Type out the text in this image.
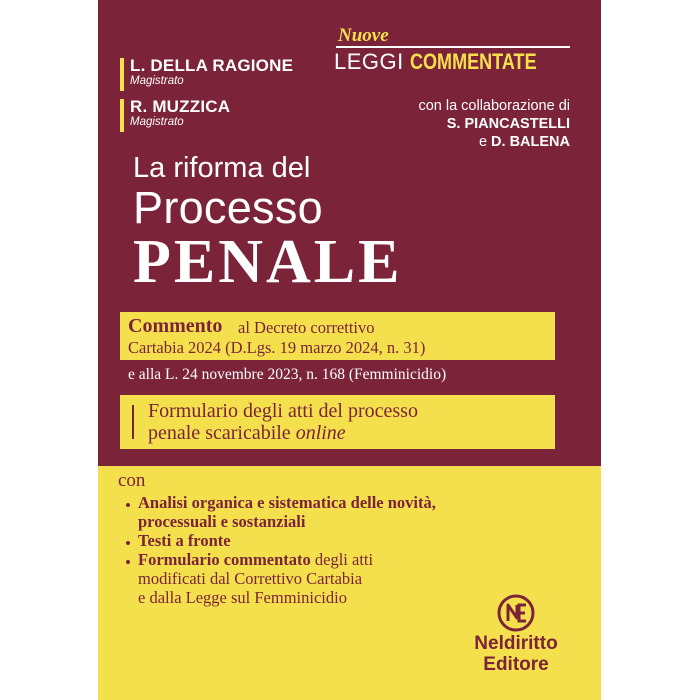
L. DELLA RAGIONE
Magistrato
R. MUZZICA
Magistrato
Nuove
LEGGI COMMENTATE
con la collaborazione di
S. PIANCASTELLI
e D. BALENA
La riforma del
Processo
PENALE
Commento al Decreto correttivo
Cartabia 2024 (D.Lgs. 19 marzo 2024, n. 31)
e alla L. 24 novembre 2023, n. 168 (Femminicidio)
Formulario degli atti del processo
penale scaricabile online
con
Analisi organica e sistematica delle novità,
processuali e sostanziali
Testi a fronte
Formulario commentato degli atti
modificati dal Correttivo Cartabia
e dalla Legge sul Femminicidio
Neldiritto
Editore
